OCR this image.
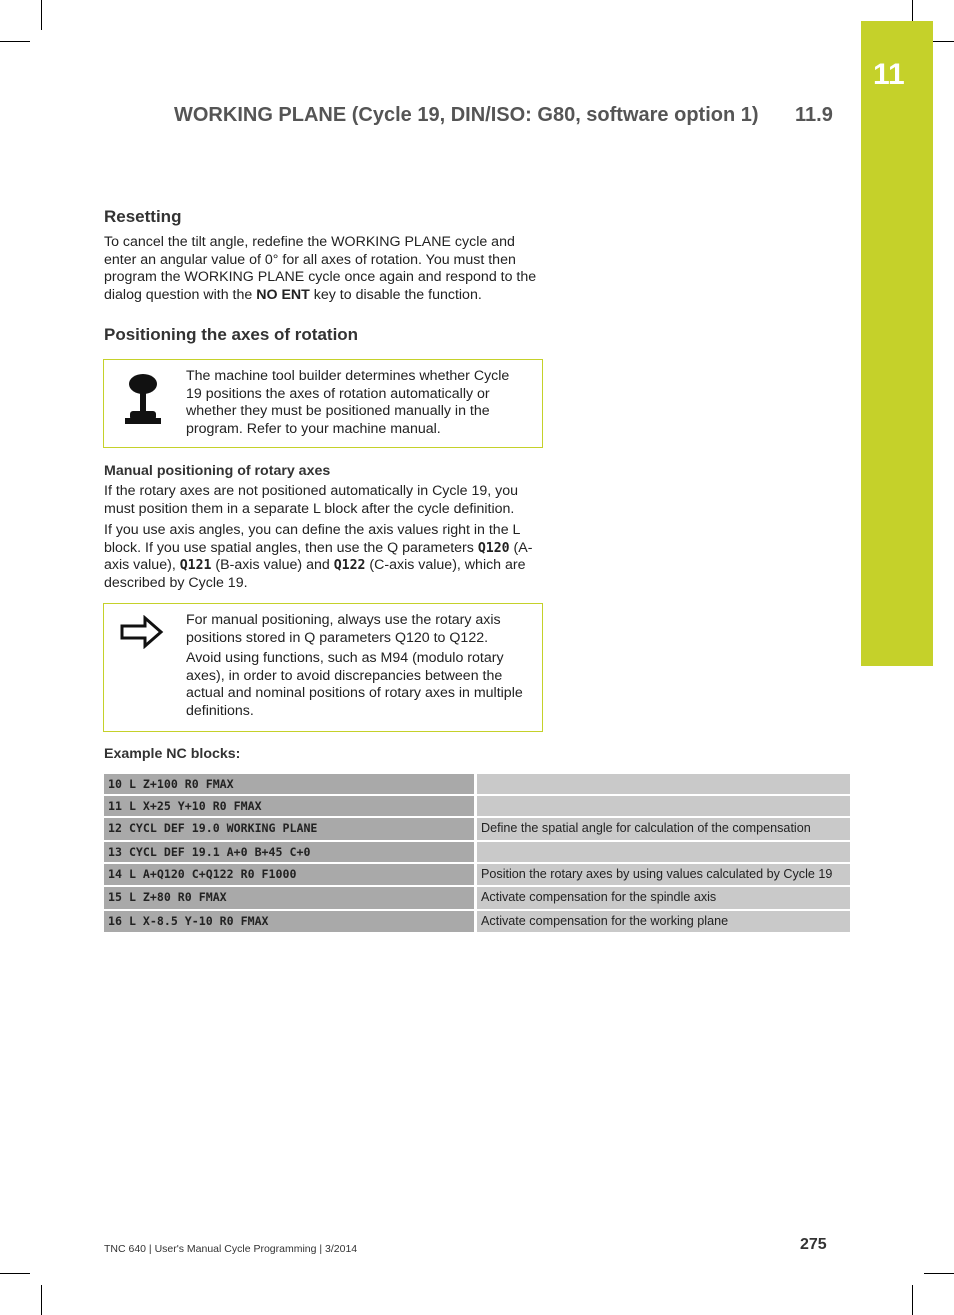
11
WORKING PLANE (Cycle 19, DIN/ISO: G80, software option 1) 11.9
Resetting

To cancel the tilt angle, redefine the WORKING PLANE cycle and enter an angular value of 0° for all axes of rotation. You must then program the WORKING PLANE cycle once again and respond to the dialog question with the NO ENT key to disable the function.

Positioning the axes of rotation

The machine tool builder determines whether Cycle 19 positions the axes of rotation automatically or whether they must be positioned manually in the program. Refer to your machine manual.

Manual positioning of rotary axes

If the rotary axes are not positioned automatically in Cycle 19, you must position them in a separate L block after the cycle definition.

If you use axis angles, you can define the axis values right in the L block. If you use spatial angles, then use the Q parameters Q120 (A-axis value), Q121 (B-axis value) and Q122 (C-axis value), which are described by Cycle 19.

For manual positioning, always use the rotary axis positions stored in Q parameters Q120 to Q122.

Avoid using functions, such as M94 (modulo rotary axes), in order to avoid discrepancies between the actual and nominal positions of rotary axes in multiple definitions.

Example NC blocks:
10 L Z+100 R0 FMAX
11 L X+25 Y+10 R0 FMAX
12 CYCL DEF 19.0 WORKING PLANE	Define the spatial angle for calculation of the compensation
13 CYCL DEF 19.1 A+0 B+45 C+0
14 L A+Q120 C+Q122 R0 F1000	Position the rotary axes by using values calculated by Cycle 19
15 L Z+80 R0 FMAX	Activate compensation for the spindle axis
16 L X-8.5 Y-10 R0 FMAX	Activate compensation for the working plane
TNC 640 | User's Manual Cycle Programming | 3/2014	275
